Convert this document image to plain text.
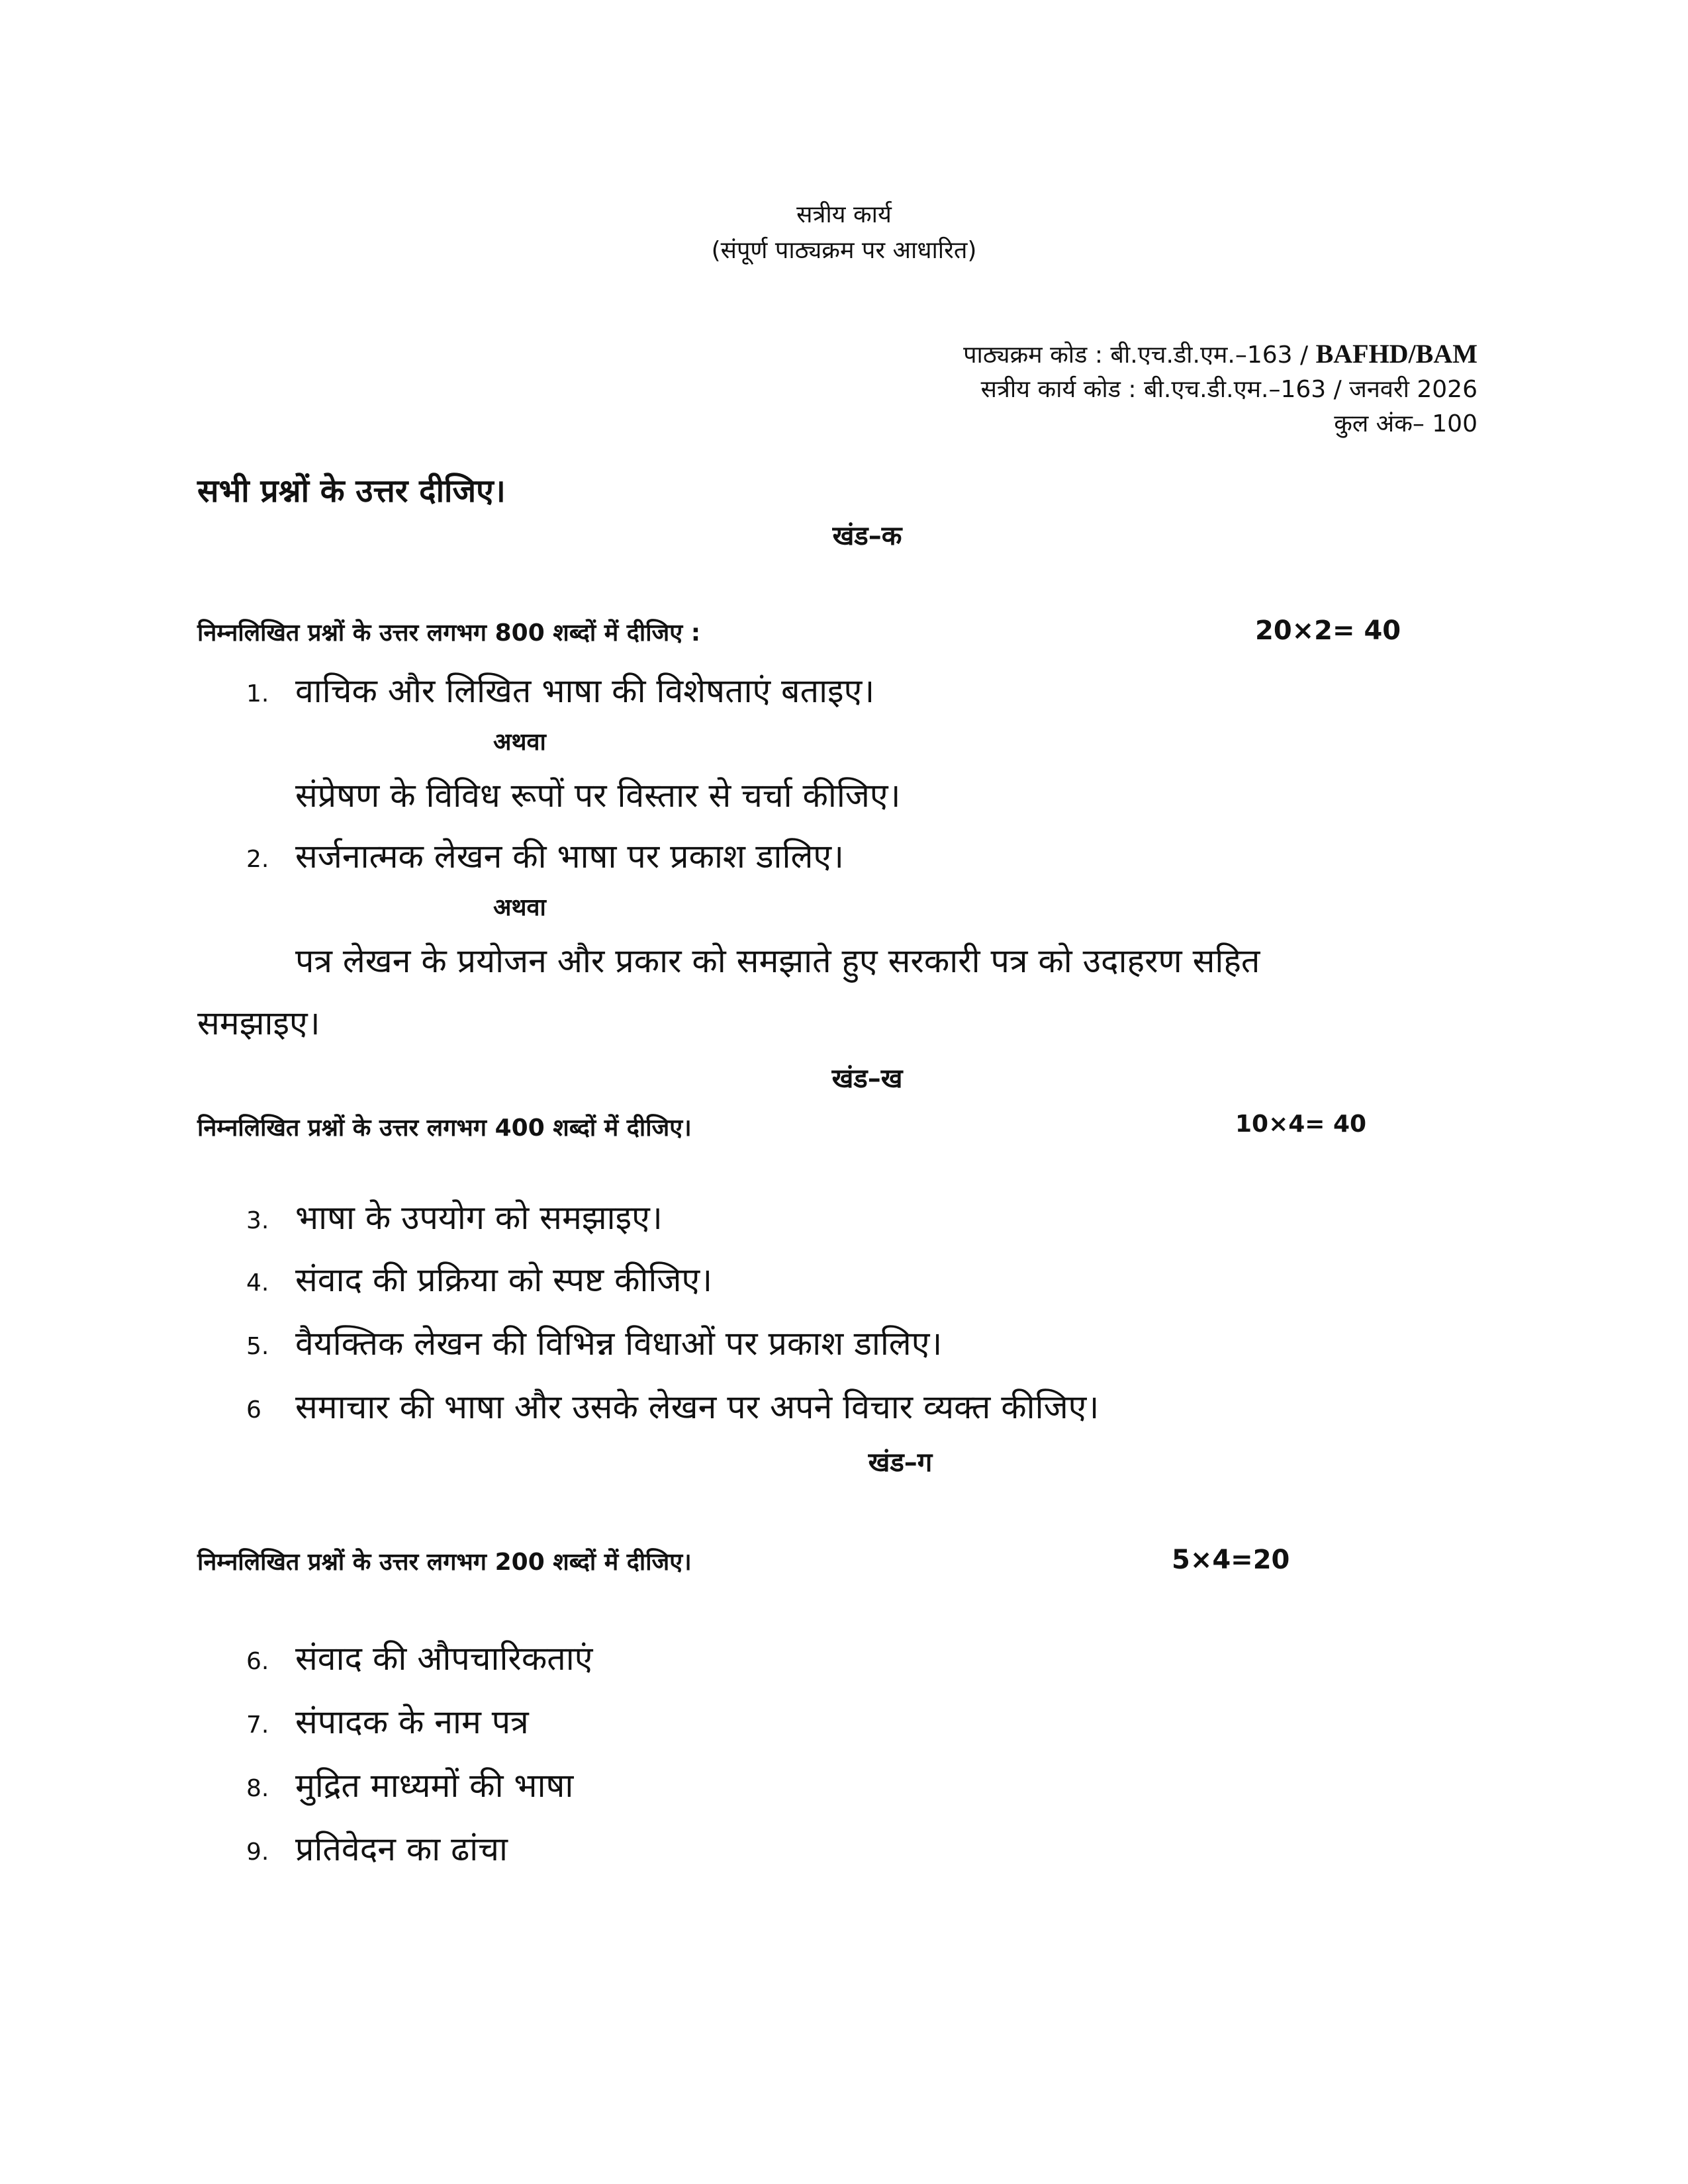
सत्रीय कार्य
(संपूर्ण पाठ्यक्रम पर आधारित)
पाठ्यक्रम कोड : बी.एच.डी.एम.–163 / BAFHD/BAM
सत्रीय कार्य कोड : बी.एच.डी.एम.–163 / जनवरी 2026
कुल अंक– 100
सभी प्रश्नों के उत्तर दीजिए।
खंड–क
निम्नलिखित प्रश्नों के उत्तर लगभग 800 शब्दों में दीजिए :	20×2= 40
1. वाचिक और लिखित भाषा की विशेषताएं बताइए।
अथवा
संप्रेषण के विविध रूपों पर विस्तार से चर्चा कीजिए।
2. सर्जनात्मक लेखन की भाषा पर प्रकाश डालिए।
अथवा
पत्र लेखन के प्रयोजन और प्रकार को समझाते हुए सरकारी पत्र को उदाहरण सहित
समझाइए।
खंड–ख
निम्नलिखित प्रश्नों के उत्तर लगभग 400 शब्दों में दीजिए।	10×4= 40
3. भाषा के उपयोग को समझाइए।
4. संवाद की प्रक्रिया को स्पष्ट कीजिए।
5. वैयक्तिक लेखन की विभिन्न विधाओं पर प्रकाश डालिए।
6 समाचार की भाषा और उसके लेखन पर अपने विचार व्यक्त कीजिए।
खंड–ग
निम्नलिखित प्रश्नों के उत्तर लगभग 200 शब्दों में दीजिए।	5×4=20
6. संवाद की औपचारिकताएं
7. संपादक के नाम पत्र
8. मुद्रित माध्यमों की भाषा
9. प्रतिवेदन का ढांचा
